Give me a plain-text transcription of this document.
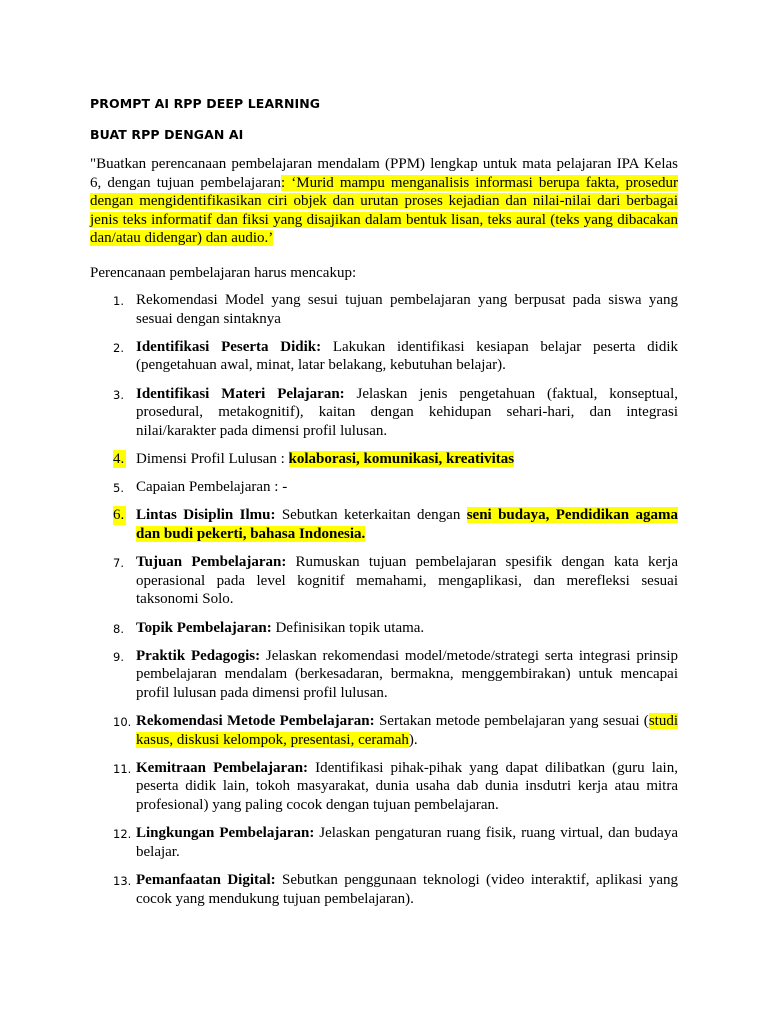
PROMPT AI RPP DEEP LEARNING

BUAT RPP DENGAN AI

"Buatkan perencanaan pembelajaran mendalam (PPM) lengkap untuk mata pelajaran IPA Kelas 6, dengan tujuan pembelajaran: ‘Murid mampu menganalisis informasi berupa fakta, prosedur dengan mengidentifikasikan ciri objek dan urutan proses kejadian dan nilai-nilai dari berbagai jenis teks informatif dan fiksi yang disajikan dalam bentuk lisan, teks aural (teks yang dibacakan dan/atau didengar) dan audio.’

Perencanaan pembelajaran harus mencakup:

1. Rekomendasi Model yang sesui tujuan pembelajaran yang berpusat pada siswa yang sesuai dengan sintaknya
2. Identifikasi Peserta Didik: Lakukan identifikasi kesiapan belajar peserta didik (pengetahuan awal, minat, latar belakang, kebutuhan belajar).
3. Identifikasi Materi Pelajaran: Jelaskan jenis pengetahuan (faktual, konseptual, prosedural, metakognitif), kaitan dengan kehidupan sehari-hari, dan integrasi nilai/karakter pada dimensi profil lulusan.
4. Dimensi Profil Lulusan : kolaborasi, komunikasi, kreativitas
5. Capaian Pembelajaran : -
6. Lintas Disiplin Ilmu: Sebutkan keterkaitan dengan seni budaya, Pendidikan agama dan budi pekerti, bahasa Indonesia.
7. Tujuan Pembelajaran: Rumuskan tujuan pembelajaran spesifik dengan kata kerja operasional pada level kognitif memahami, mengaplikasi, dan merefleksi sesuai taksonomi Solo.
8. Topik Pembelajaran: Definisikan topik utama.
9. Praktik Pedagogis: Jelaskan rekomendasi model/metode/strategi serta integrasi prinsip pembelajaran mendalam (berkesadaran, bermakna, menggembirakan) untuk mencapai profil lulusan pada dimensi profil lulusan.
10. Rekomendasi Metode Pembelajaran: Sertakan metode pembelajaran yang sesuai (studi kasus, diskusi kelompok, presentasi, ceramah).
11. Kemitraan Pembelajaran: Identifikasi pihak-pihak yang dapat dilibatkan (guru lain, peserta didik lain, tokoh masyarakat, dunia usaha dab dunia insdutri kerja atau mitra profesional) yang paling cocok dengan tujuan pembelajaran.
12. Lingkungan Pembelajaran: Jelaskan pengaturan ruang fisik, ruang virtual, dan budaya belajar.
13. Pemanfaatan Digital: Sebutkan penggunaan teknologi (video interaktif, aplikasi yang cocok yang mendukung tujuan pembelajaran).
